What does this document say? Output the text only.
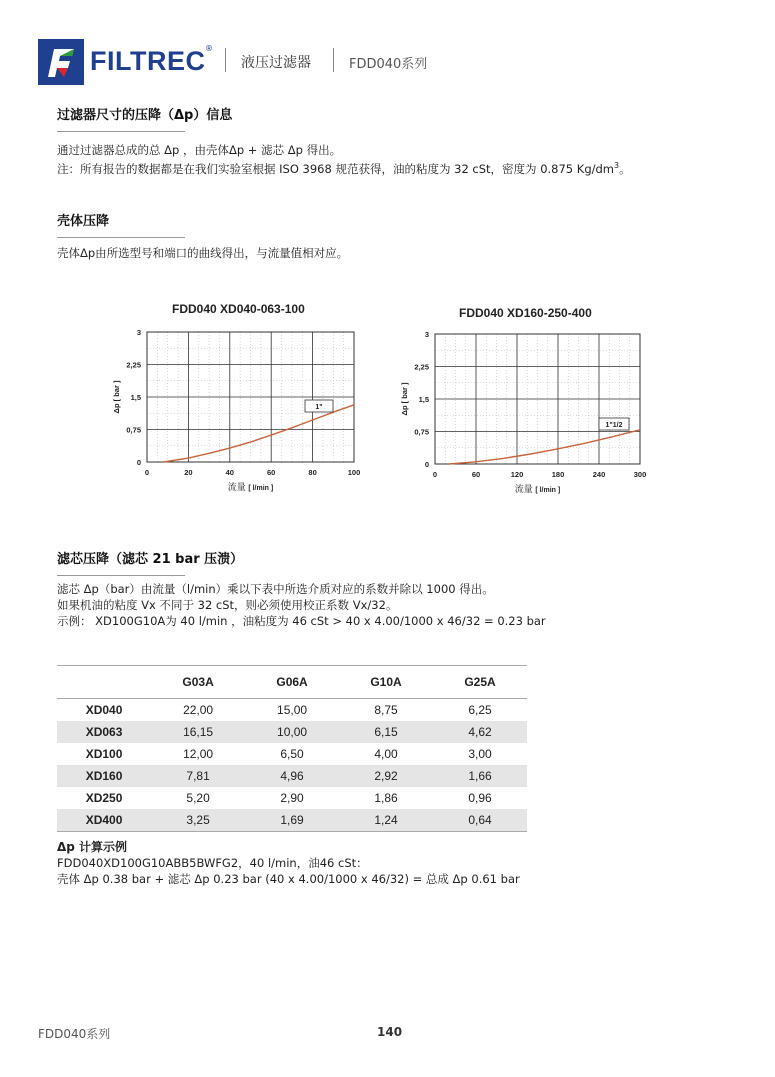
FILTREC ®
液压过滤器	FDD040系列
过滤器尺寸的压降（Δp）信息
通过过滤器总成的总 Δp ，由壳体Δp + 滤芯 Δp 得出。
注：所有报告的数据都是在我们实验室根据 ISO 3968 规范获得，油的粘度为 32 cSt，密度为 0.875 $Kg/dm^3$。
壳体压降
壳体Δp由所选型号和端口的曲线得出，与流量值相对应。
FDD040 XD040-063-100
0	20	40	60	80	100
0
0,75
1,5
2,25
3
流量 [ l/min ]
Δp [ bar ]	1"
FDD040 XD160-250-400
0	60	120	180	240	300
0
0,75
1,5
2,25
3
流量 [ l/min ]
Δp [ bar ]
1"1/2
滤芯压降（滤芯 21 bar 压溃）
滤芯 Δp（bar）由流量（l/min）乘以下表中所选介质对应的系数并除以 1000 得出。
如果机油的粘度 Vx 不同于 32 cSt，则必须使用校正系数 Vx/32。
示例： XD100G10A为 40 l/min ，油粘度为 46 cSt > 40 x 4.00/1000 x 46/32 = 0.23 bar
	G03A	G06A	G10A	G25A
XD040	22,00	15,00	8,75	6,25
XD063	16,15	10,00	6,15	4,62
XD100	12,00	6,50	4,00	3,00
XD160	7,81	4,96	2,92	1,66
XD250	5,20	2,90	1,86	0,96
XD400	3,25	1,69	1,24	0,64
Δp 计算示例
FDD040XD100G10ABB5BWFG2，40 l/min，油46 cSt：
壳体 Δp 0.38 bar + 滤芯 Δp 0.23 bar (40 x 4.00/1000 x 46/32) = 总成 Δp 0.61 bar
FDD040系列	140
